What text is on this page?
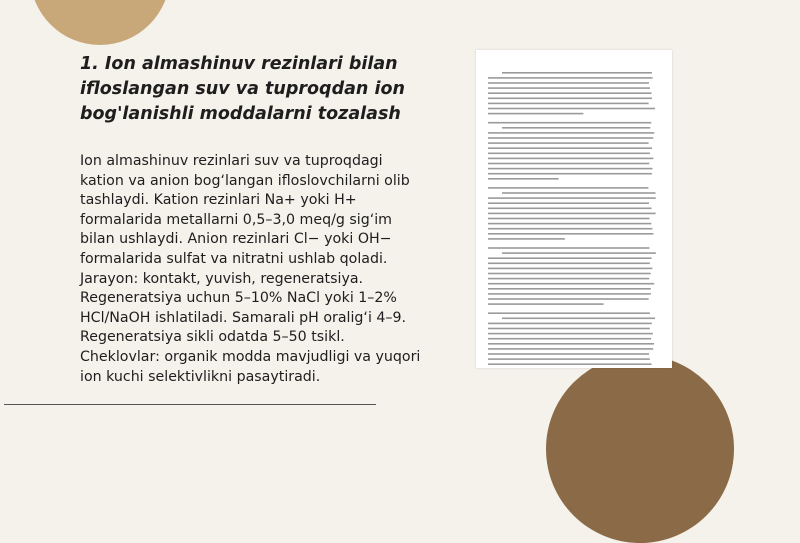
1. Ion almashinuv rezinlari bilan ifloslangan suv va tuproqdan ion bog'lanishli moddalarni tozalash

Ion almashinuv rezinlari suv va tuproqdagi kation va anion bog‘langan ifloslovchilarni olib tashlaydi. Kation rezinlari Na+ yoki H+ formalarida metallarni 0,5–3,0 meq/g sig‘im bilan ushlaydi. Anion rezinlari Cl− yoki OH− formalarida sulfat va nitratni ushlab qoladi. Jarayon: kontakt, yuvish, regeneratsiya. Regeneratsiya uchun 5–10% NaCl yoki 1–2% HCl/NaOH ishlatiladi. Samarali pH oralig‘i 4–9. Regeneratsiya sikli odatda 5–50 tsikl. Cheklovlar: organik modda mavjudligi va yuqori ion kuchi selektivlikni pasaytiradi.
